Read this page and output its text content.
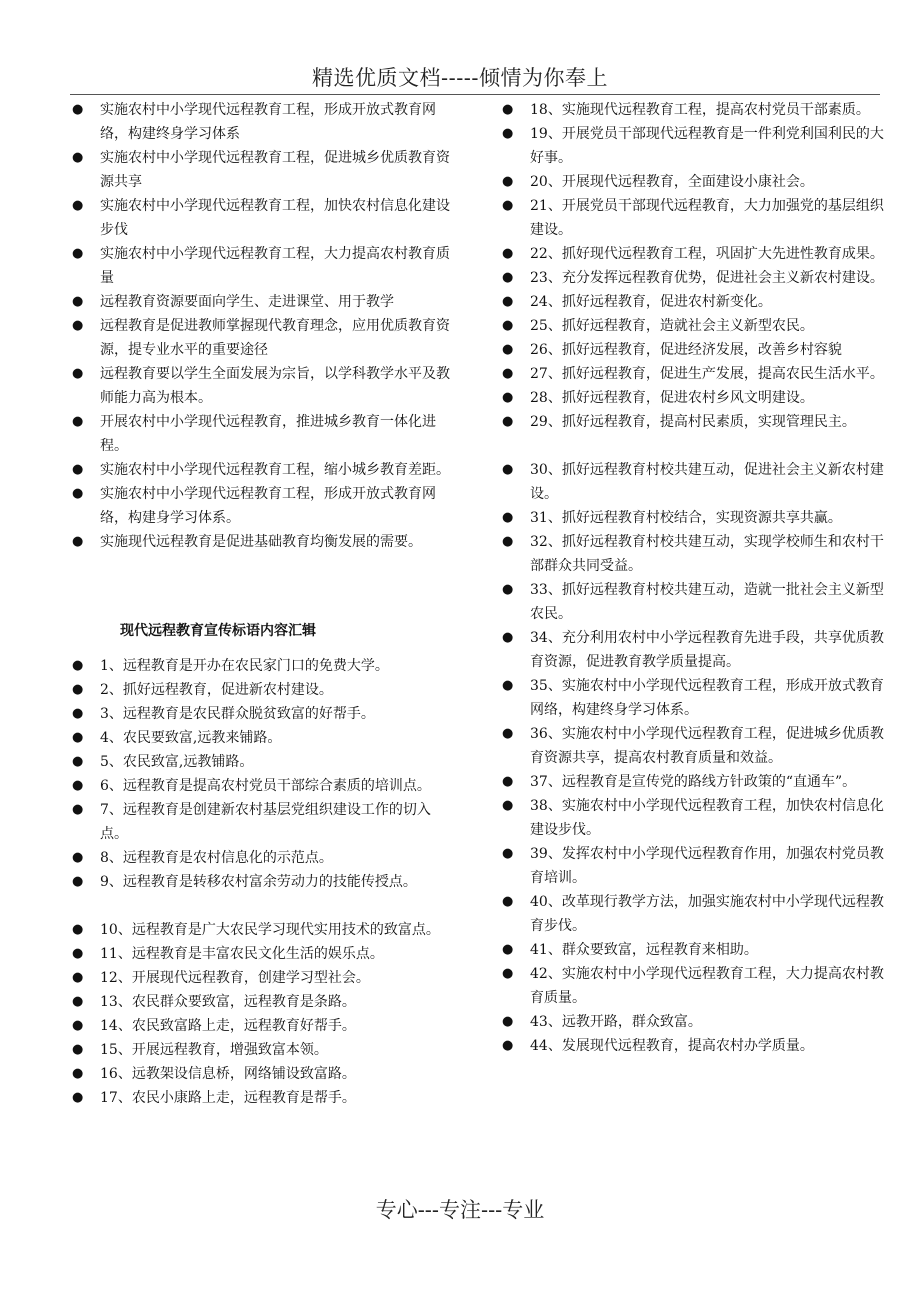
精选优质文档-----倾情为你奉上
● 实施农村中小学现代远程教育工程，形成开放式教育网络，构建终身学习体系
● 实施农村中小学现代远程教育工程，促进城乡优质教育资源共享
● 实施农村中小学现代远程教育工程，加快农村信息化建设步伐
● 实施农村中小学现代远程教育工程，大力提高农村教育质量
● 远程教育资源要面向学生、走进课堂、用于教学
● 远程教育是促进教师掌握现代教育理念，应用优质教育资源，提专业水平的重要途径
● 远程教育要以学生全面发展为宗旨，以学科教学水平及教师能力高为根本。
● 开展农村中小学现代远程教育，推进城乡教育一体化进程。
● 实施农村中小学现代远程教育工程，缩小城乡教育差距。
● 实施农村中小学现代远程教育工程，形成开放式教育网络，构建身学习体系。
● 实施现代远程教育是促进基础教育均衡发展的需要。
现代远程教育宣传标语内容汇辑
● 1、远程教育是开办在农民家门口的免费大学。
● 2、抓好远程教育，促进新农村建设。
● 3、远程教育是农民群众脱贫致富的好帮手。
● 4、农民要致富,远教来铺路。
● 5、农民致富,远教铺路。
● 6、远程教育是提高农村党员干部综合素质的培训点。
● 7、远程教育是创建新农村基层党组织建设工作的切入点。
● 8、远程教育是农村信息化的示范点。
● 9、远程教育是转移农村富余劳动力的技能传授点。
● 10、远程教育是广大农民学习现代实用技术的致富点。
● 11、远程教育是丰富农民文化生活的娱乐点。
● 12、开展现代远程教育，创建学习型社会。
● 13、农民群众要致富，远程教育是条路。
● 14、农民致富路上走，远程教育好帮手。
● 15、开展远程教育，增强致富本领。
● 16、远教架设信息桥，网络铺设致富路。
● 17、农民小康路上走，远程教育是帮手。
● 18、实施现代远程教育工程，提高农村党员干部素质。
● 19、开展党员干部现代远程教育是一件利党利国利民的大好事。
● 20、开展现代远程教育，全面建设小康社会。
● 21、开展党员干部现代远程教育，大力加强党的基层组织建设。
● 22、抓好现代远程教育工程，巩固扩大先进性教育成果。
● 23、充分发挥远程教育优势，促进社会主义新农村建设。
● 24、抓好远程教育，促进农村新变化。
● 25、抓好远程教育，造就社会主义新型农民。
● 26、抓好远程教育，促进经济发展，改善乡村容貌
● 27、抓好远程教育，促进生产发展，提高农民生活水平。
● 28、抓好远程教育，促进农村乡风文明建设。
● 29、抓好远程教育，提高村民素质，实现管理民主。
● 30、抓好远程教育村校共建互动，促进社会主义新农村建设。
● 31、抓好远程教育村校结合，实现资源共享共赢。
● 32、抓好远程教育村校共建互动，实现学校师生和农村干部群众共同受益。
● 33、抓好远程教育村校共建互动，造就一批社会主义新型农民。
● 34、充分利用农村中小学远程教育先进手段，共享优质教育资源，促进教育教学质量提高。
● 35、实施农村中小学现代远程教育工程，形成开放式教育网络，构建终身学习体系。
● 36、实施农村中小学现代远程教育工程，促进城乡优质教育资源共享，提高农村教育质量和效益。
● 37、远程教育是宣传党的路线方针政策的“直通车”。
● 38、实施农村中小学现代远程教育工程，加快农村信息化建设步伐。
● 39、发挥农村中小学现代远程教育作用，加强农村党员教育培训。
● 40、改革现行教学方法，加强实施农村中小学现代远程教育步伐。
● 41、群众要致富，远程教育来相助。
● 42、实施农村中小学现代远程教育工程，大力提高农村教育质量。
● 43、远教开路，群众致富。
● 44、发展现代远程教育，提高农村办学质量。
专心---专注---专业
